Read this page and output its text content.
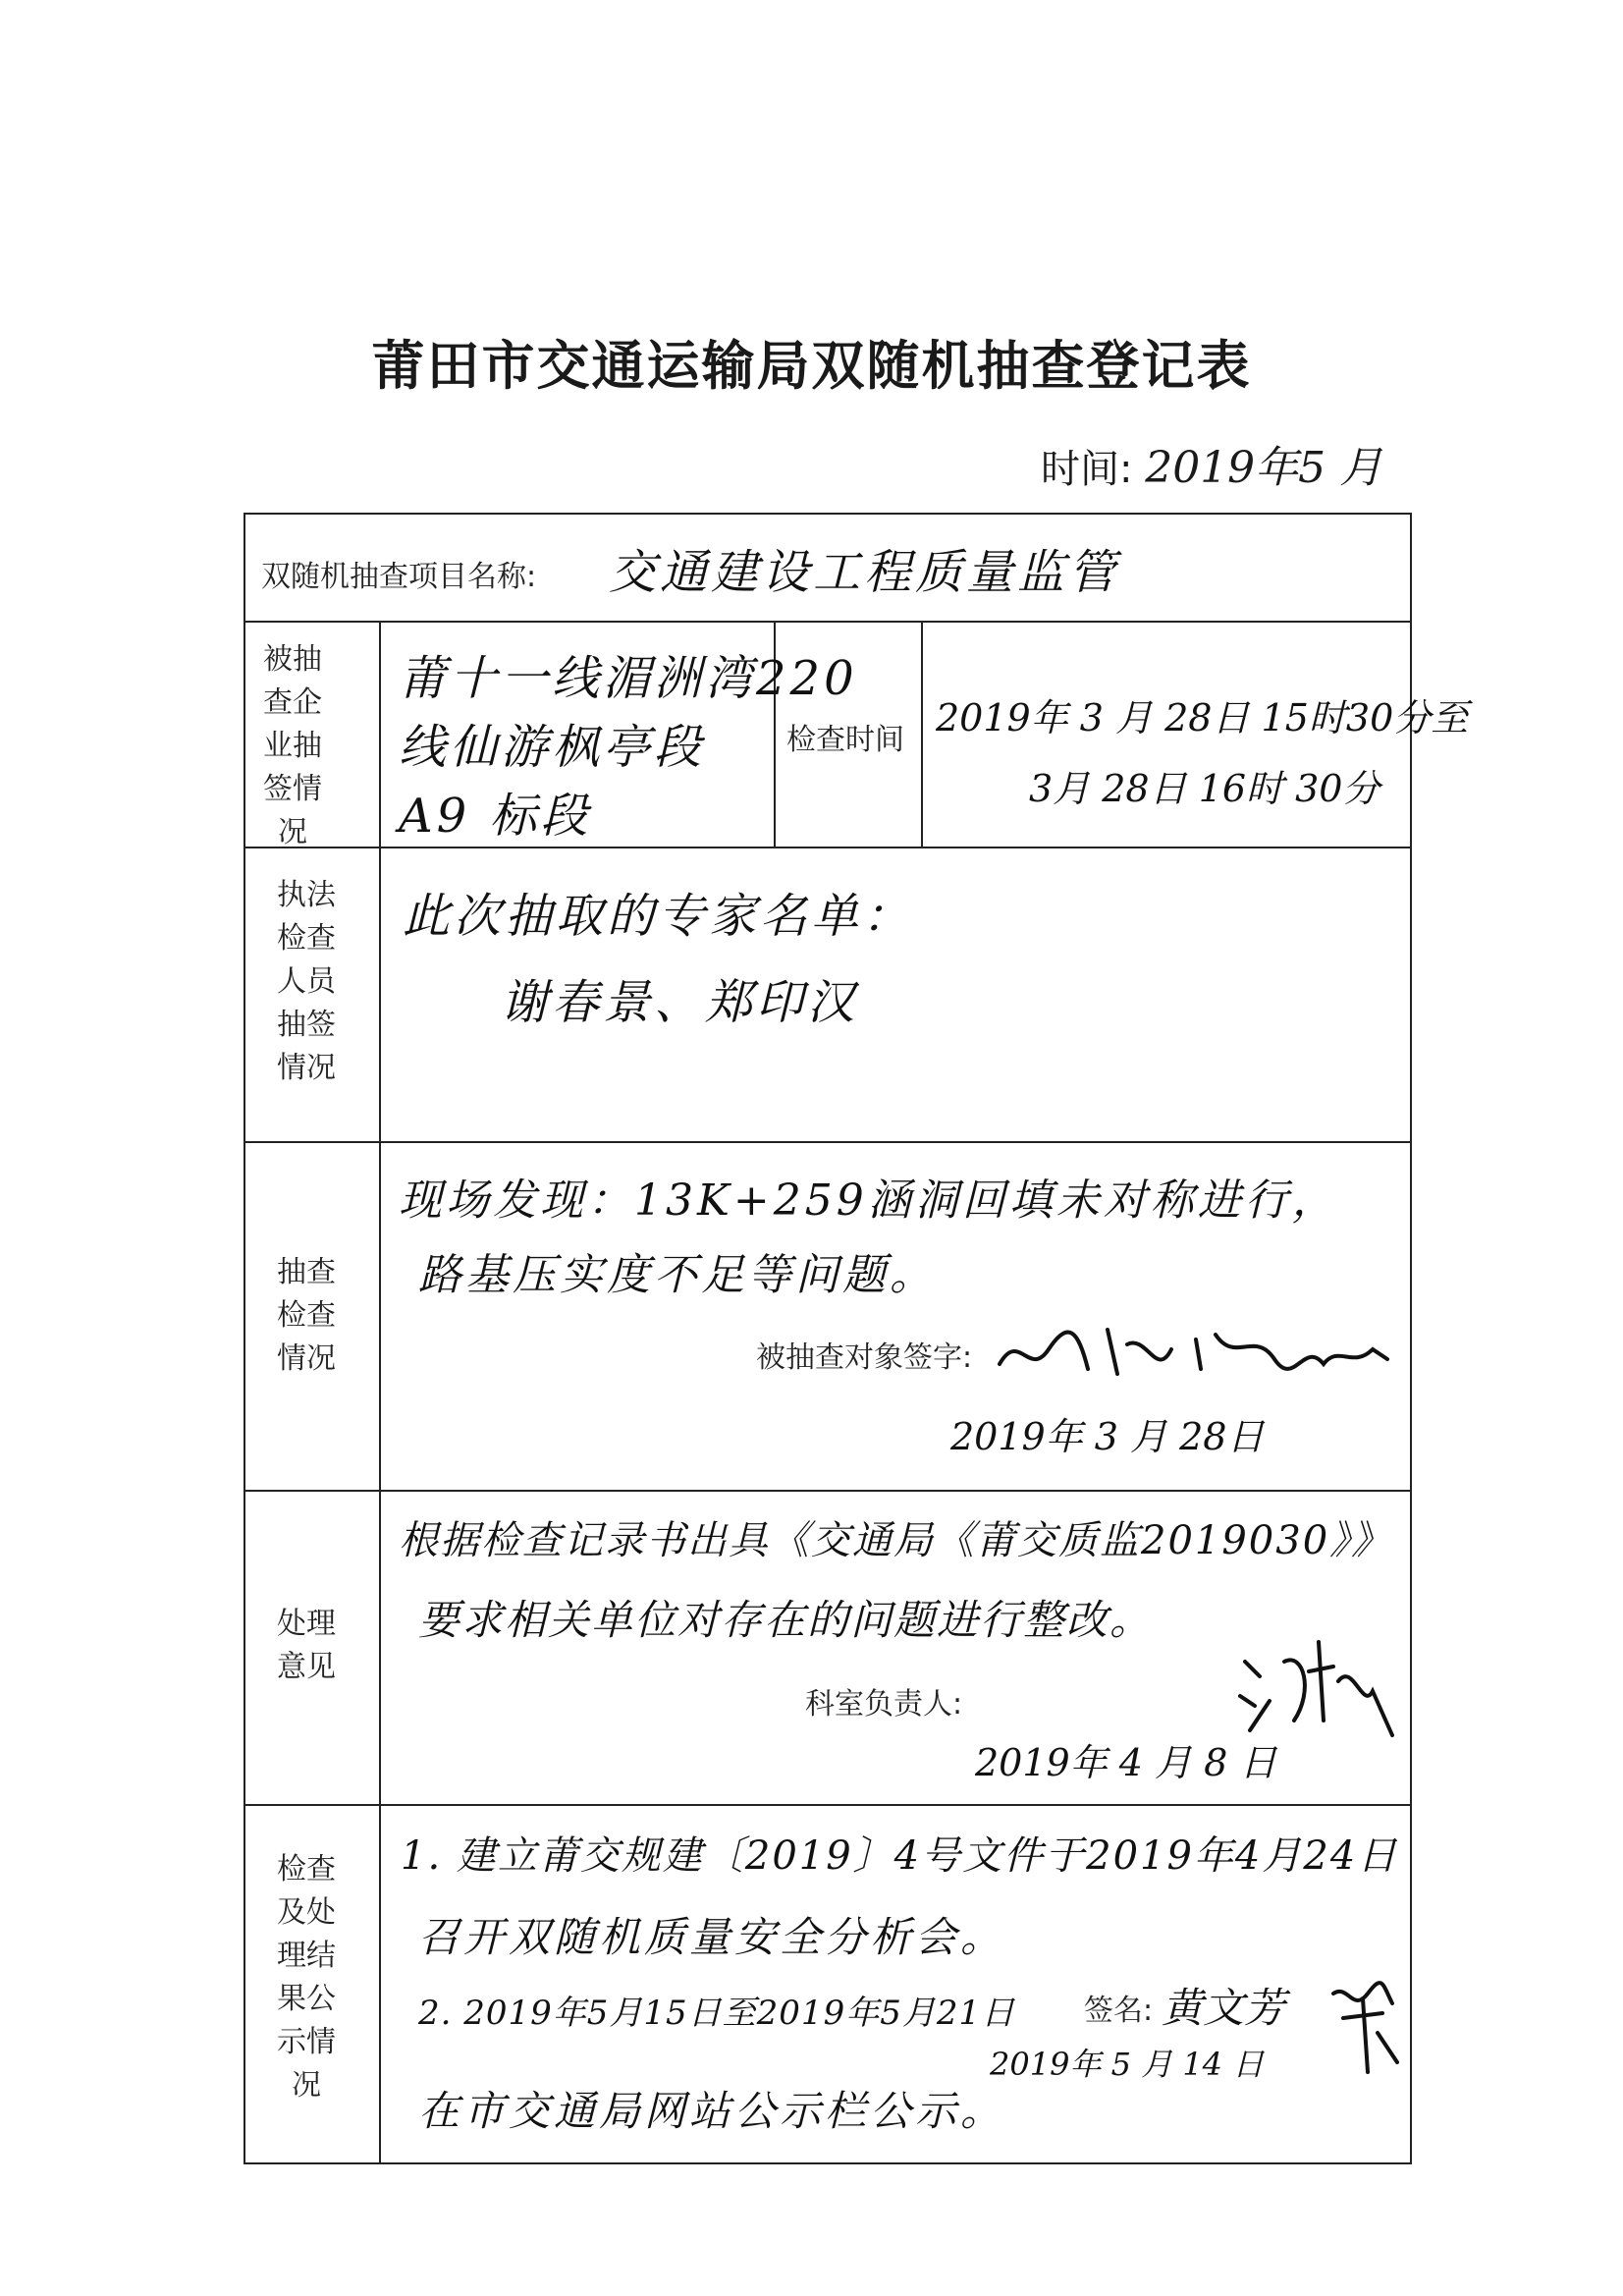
莆田市交通运输局双随机抽查登记表
时间: 2019年5 月
双随机抽查项目名称: 交通建设工程质量监管
被抽查企业抽签情况
莆十一线湄洲湾220
线仙游枫亭段
A9 标段
检查时间
2019年 3 月 28日 15时30分至
3月 28日 16时 30分
执法检查人员抽签情况
此次抽取的专家名单：
谢春景、郑印汉
抽查检查情况
现场发现：13K+259涵洞回填未对称进行，
路基压实度不足等问题。
被抽查对象签字:
2019年 3 月 28日
处理意见
根据检查记录书出具《交通局《莆交质监2019030》》
要求相关单位对存在的问题进行整改。
科室负责人:
2019年 4 月 8 日
检查及处理结果公示情况
1. 建立莆交规建〔2019〕4号文件于2019年4月24日
召开双随机质量安全分析会。
2. 2019年5月15日至2019年5月21日
在市交通局网站公示栏公示。
签名: 黄文芳
2019年 5 月 14 日
